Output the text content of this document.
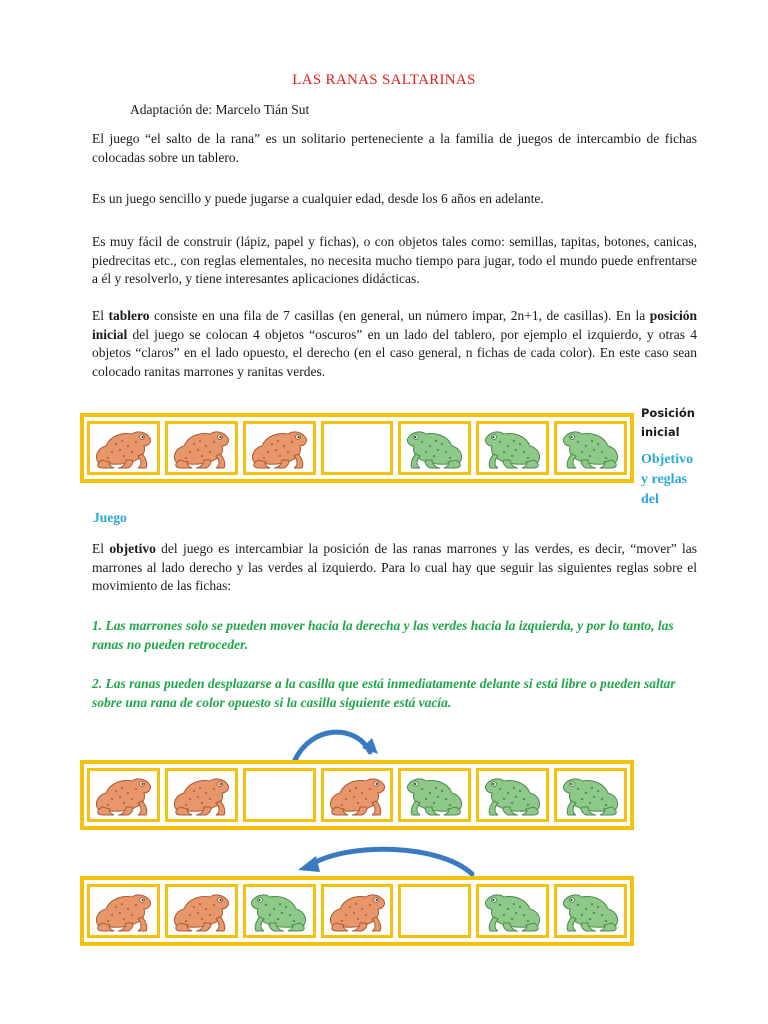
LAS RANAS SALTARINAS
Adaptación de: Marcelo Tián Sut

El juego “el salto de la rana” es un solitario perteneciente a la familia de juegos de intercambio de fichas colocadas sobre un tablero.

Es un juego sencillo y puede jugarse a cualquier edad, desde los 6 años en adelante.

Es muy fácil de construir (lápiz, papel y fichas), o con objetos tales como: semillas, tapitas, botones, canicas, piedrecitas etc., con reglas elementales, no necesita mucho tiempo para jugar, todo el mundo puede enfrentarse a él y resolverlo, y tiene interesantes aplicaciones didácticas.

El tablero consiste en una fila de 7 casillas (en general, un número impar, 2n+1, de casillas). En la posición inicial del juego se colocan 4 objetos “oscuros” en un lado del tablero, por ejemplo el izquierdo, y otras 4 objetos “claros” en el lado opuesto, el derecho (en el caso general, n fichas de cada color). En este caso sean colocado ranitas marrones y ranitas verdes.

Posición inicial
Objetivo y reglas del
Juego

El objetivo del juego es intercambiar la posición de las ranas marrones y las verdes, es decir, “mover” las marrones al lado derecho y las verdes al izquierdo. Para lo cual hay que seguir las siguientes reglas sobre el movimiento de las fichas:

1. Las marrones solo se pueden mover hacia la derecha y las verdes hacia la izquierda, y por lo tanto, las ranas no pueden retroceder.

2. Las ranas pueden desplazarse a la casilla que está inmediatamente delante si está libre o pueden saltar sobre una rana de color opuesto si la casilla siguiente está vacía.
